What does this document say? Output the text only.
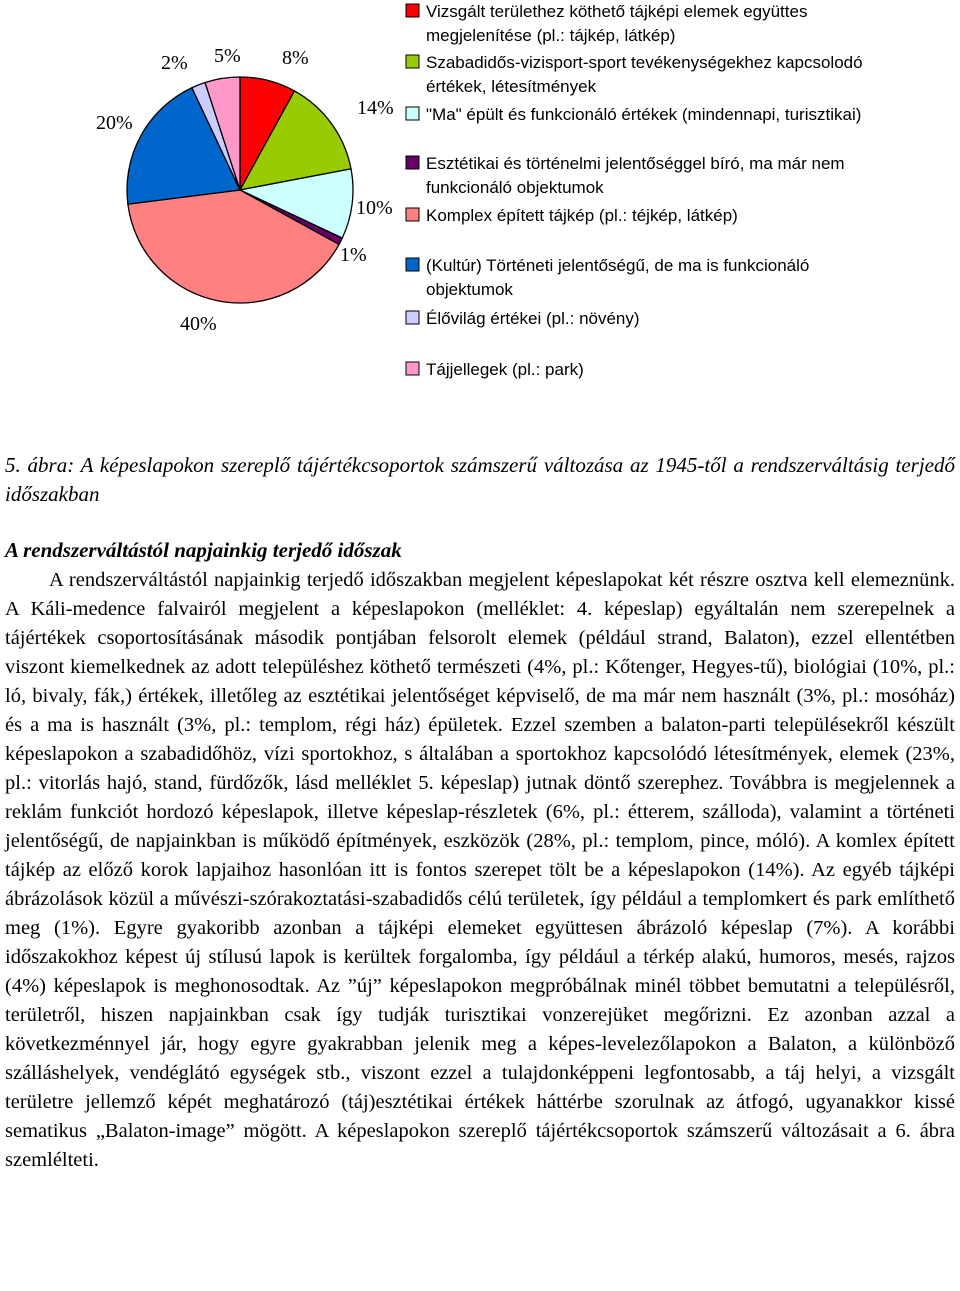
8%
14%
10%
1%
40%
20%
2% 5%
Vizsgált területhez köthető tájképi elemek együttes megjelenítése (pl.: tájkép, látkép)
Szabadidős-vizisport-sport tevékenységekhez kapcsolodó értékek, létesítmények
"Ma" épült és funkcionáló értékek (mindennapi, turisztikai)
Esztétikai és történelmi jelentőséggel bíró, ma már nem funkcionáló objektumok
Komplex épített tájkép (pl.: téjkép, látkép)
(Kultúr) Történeti jelentőségű, de ma is funkcionáló objektumok
Élővilág értékei (pl.: növény)
Tájjellegek (pl.: park)

5. ábra: A képeslapokon szereplő tájértékcsoportok számszerű változása az 1945-től a rendszerváltásig terjedő időszakban

A rendszerváltástól napjainkig terjedő időszak

A rendszerváltástól napjainkig terjedő időszakban megjelent képeslapokat két részre osztva kell elemeznünk. A Káli-medence falvairól megjelent a képeslapokon (melléklet: 4. képeslap) egyáltalán nem szerepelnek a tájértékek csoportosításának második pontjában felsorolt elemek (például strand, Balaton), ezzel ellentétben viszont kiemelkednek az adott településhez köthető természeti (4%, pl.: Kőtenger, Hegyes-tű), biológiai (10%, pl.: ló, bivaly, fák,) értékek, illetőleg az esztétikai jelentőséget képviselő, de ma már nem használt (3%, pl.: mosóház) és a ma is használt (3%, pl.: templom, régi ház) épületek. Ezzel szemben a balaton-parti településekről készült képeslapokon a szabadidőhöz, vízi sportokhoz, s általában a sportokhoz kapcsolódó létesítmények, elemek (23%, pl.: vitorlás hajó, stand, fürdőzők, lásd melléklet 5. képeslap) jutnak döntő szerephez. Továbbra is megjelennek a reklám funkciót hordozó képeslapok, illetve képeslap-részletek (6%, pl.: étterem, szálloda), valamint a történeti jelentőségű, de napjainkban is működő építmények, eszközök (28%, pl.: templom, pince, móló). A komlex épített tájkép az előző korok lapjaihoz hasonlóan itt is fontos szerepet tölt be a képeslapokon (14%). Az egyéb tájképi ábrázolások közül a művészi-szórakoztatási-szabadidős célú területek, így például a templomkert és park említhető meg (1%). Egyre gyakoribb azonban a tájképi elemeket együttesen ábrázoló képeslap (7%). A korábbi időszakokhoz képest új stílusú lapok is kerültek forgalomba, így például a térkép alakú, humoros, mesés, rajzos (4%) képeslapok is meghonosodtak. Az ”új” képeslapokon megpróbálnak minél többet bemutatni a településről, területről, hiszen napjainkban csak így tudják turisztikai vonzerejüket megőrizni. Ez azonban azzal a következménnyel jár, hogy egyre gyakrabban jelenik meg a képes-levelezőlapokon a Balaton, a különböző szálláshelyek, vendéglátó egységek stb., viszont ezzel a tulajdonképpeni legfontosabb, a táj helyi, a vizsgált területre jellemző képét meghatározó (táj)esztétikai értékek háttérbe szorulnak az átfogó, ugyanakkor kissé sematikus „Balaton-image” mögött. A képeslapokon szereplő tájértékcsoportok számszerű változásait a 6. ábra szemlélteti.
